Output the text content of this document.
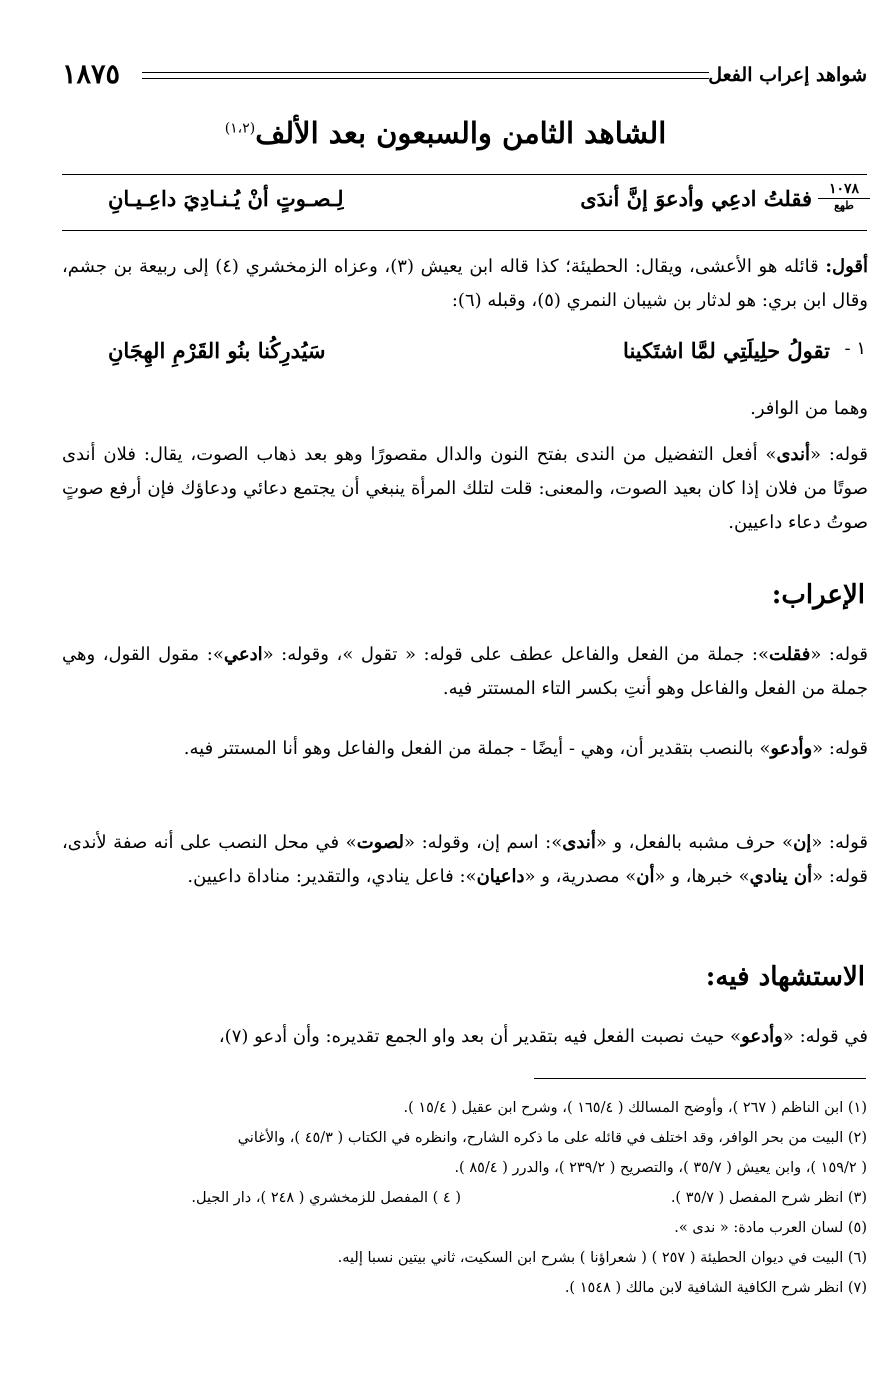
١٨٧٥	شواهد إعراب الفعل
الشاهد الثامن والسبعون بعد الألف$^{(١،٢)}$
١٠٧٨
طهع
فقلتُ ادعِي وأدعوَ إنَّ أندَى
لِـصـوتٍ أنْ يُـنـادِيَ داعِـيـانِ
أقول: قائله هو الأعشى، ويقال: الحطيئة؛ كذا قاله ابن يعيش (٣)، وعزاه الزمخشري (٤) إلى ربيعة بن جشم، وقال ابن بري: هو لدثار بن شيبان النمري (٥)، وقبله (٦):
١ -
تقولُ حلِيلَتِي لمَّا اشتَكينا
سَيُدرِكُنا بنُو القَرْمِ الهِجَانِ
وهما من الوافر.
قوله: «أندى» أفعل التفضيل من الندى بفتح النون والدال مقصورًا وهو بعد ذهاب الصوت، يقال: فلان أندى صوتًا من فلان إذا كان بعيد الصوت، والمعنى: قلت لتلك المرأة ينبغي أن يجتمع دعائي ودعاؤك فإن أرفع صوتٍ صوتُ دعاء داعيين.
الإعراب:
قوله: «فقلت»: جملة من الفعل والفاعل عطف على قوله: « تقول »، وقوله: «ادعي»: مقول القول، وهي جملة من الفعل والفاعل وهو أنتِ بكسر التاء المستتر فيه.
قوله: «وأدعو» بالنصب بتقدير أن، وهي - أيضًا - جملة من الفعل والفاعل وهو أنا المستتر فيه.
قوله: «إن» حرف مشبه بالفعل، و «أندى»: اسم إن، وقوله: «لصوت» في محل النصب على أنه صفة لأندى، قوله: «أن ينادي» خبرها، و «أن» مصدرية، و «داعيان»: فاعل ينادي، والتقدير: مناداة داعيين.
الاستشهاد فيه:
في قوله: «وأدعو» حيث نصبت الفعل فيه بتقدير أن بعد واو الجمع تقديره: وأن أدعو (٧)،
(١) ابن الناظم ( ٢٦٧ )، وأوضح المسالك ( ١٦٥/٤ )، وشرح ابن عقيل ( ١٥/٤ ).
(٢) البيت من بحر الوافر، وقد اختلف في قائله على ما ذكره الشارح، وانظره في الكتاب ( ٤٥/٣ )، والأغاني
( ١٥٩/٢ )، وابن يعيش ( ٣٥/٧ )، والتصريح ( ٢٣٩/٢ )، والدرر ( ٨٥/٤ ).
(٣) انظر شرح المفصل ( ٣٥/٧ ).
( ٤ ) المفصل للزمخشري ( ٢٤٨ )، دار الجيل.
(٥) لسان العرب مادة: « ندى ».
(٦) البيت في ديوان الحطيئة ( ٢٥٧ ) ( شعراؤنا ) بشرح ابن السكيت، ثاني بيتين نسبا إليه.
(٧) انظر شرح الكافية الشافية لابن مالك ( ١٥٤٨ ).
